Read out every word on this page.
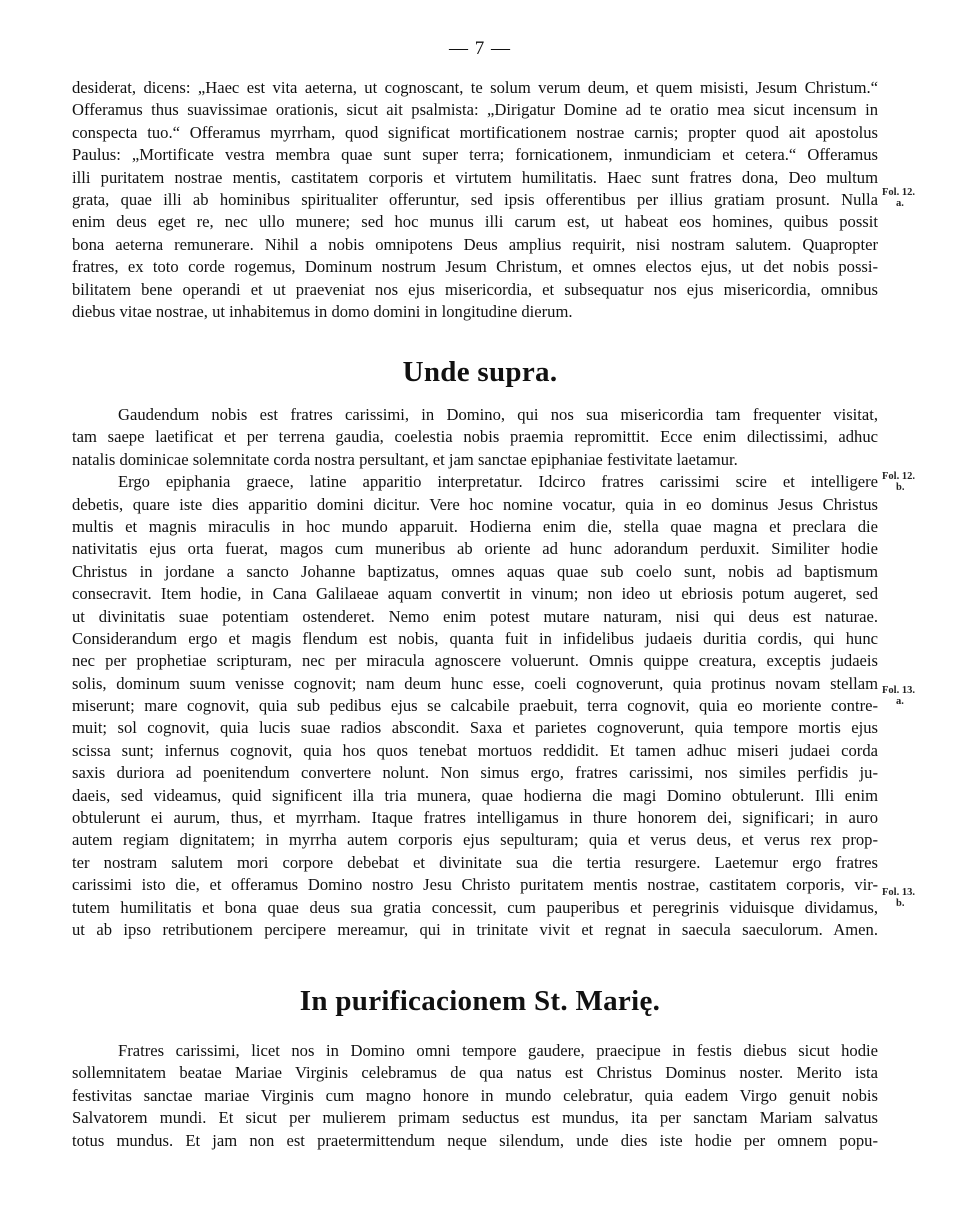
— 7 —
desiderat, dicens: „Haec est vita aeterna, ut cognoscant, te solum verum deum, et quem misisti, Jesum Christum.“
Offeramus thus suavissimae orationis, sicut ait psalmista: „Dirigatur Domine ad te oratio mea sicut incensum in
conspecta tuo.“ Offeramus myrrham, quod significat mortificationem nostrae carnis; propter quod ait apostolus
Paulus: „Mortificate vestra membra quae sunt super terra; fornicationem, inmundiciam et cetera.“ Offeramus
illi puritatem nostrae mentis, castitatem corporis et virtutem humilitatis. Haec sunt fratres dona, Deo multum
grata, quae illi ab hominibus spiritualiter offeruntur, sed ipsis offerentibus per illius gratiam prosunt. Nulla
enim deus eget re, nec ullo munere; sed hoc munus illi carum est, ut habeat eos homines, quibus possit
bona aeterna remunerare. Nihil a nobis omnipotens Deus amplius requirit, nisi nostram salutem. Quapropter
fratres, ex toto corde rogemus, Dominum nostrum Jesum Christum, et omnes electos ejus, ut det nobis possi-
bilitatem bene operandi et ut praeveniat nos ejus misericordia, et subsequatur nos ejus misericordia, omnibus
diebus vitae nostrae, ut inhabitemus in domo domini in longitudine dierum.
Unde supra.
Gaudendum nobis est fratres carissimi, in Domino, qui nos sua misericordia tam frequenter visitat,
tam saepe laetificat et per terrena gaudia, coelestia nobis praemia repromittit. Ecce enim dilectissimi, adhuc
natalis dominicae solemnitate corda nostra persultant, et jam sanctae epiphaniae festivitate laetamur.
Ergo epiphania graece, latine apparitio interpretatur. Idcirco fratres carissimi scire et intelligere
debetis, quare iste dies apparitio domini dicitur. Vere hoc nomine vocatur, quia in eo dominus Jesus Christus
multis et magnis miraculis in hoc mundo apparuit. Hodierna enim die, stella quae magna et preclara die
nativitatis ejus orta fuerat, magos cum muneribus ab oriente ad hunc adorandum perduxit. Similiter hodie
Christus in jordane a sancto Johanne baptizatus, omnes aquas quae sub coelo sunt, nobis ad baptismum
consecravit. Item hodie, in Cana Galilaeae aquam convertit in vinum; non ideo ut ebriosis potum augeret, sed
ut divinitatis suae potentiam ostenderet. Nemo enim potest mutare naturam, nisi qui deus est naturae.
Considerandum ergo et magis flendum est nobis, quanta fuit in infidelibus judaeis duritia cordis, qui hunc
nec per prophetiae scripturam, nec per miracula agnoscere voluerunt. Omnis quippe creatura, exceptis judaeis
solis, dominum suum venisse cognovit; nam deum hunc esse, coeli cognoverunt, quia protinus novam stellam
miserunt; mare cognovit, quia sub pedibus ejus se calcabile praebuit, terra cognovit, quia eo moriente contre-
muit; sol cognovit, quia lucis suae radios abscondit. Saxa et parietes cognoverunt, quia tempore mortis ejus
scissa sunt; infernus cognovit, quia hos quos tenebat mortuos reddidit. Et tamen adhuc miseri judaei corda
saxis duriora ad poenitendum convertere nolunt. Non simus ergo, fratres carissimi, nos similes perfidis ju-
daeis, sed videamus, quid significent illa tria munera, quae hodierna die magi Domino obtulerunt. Illi enim
obtulerunt ei aurum, thus, et myrrham. Itaque fratres intelligamus in thure honorem dei, significari; in auro
autem regiam dignitatem; in myrrha autem corporis ejus sepulturam; quia et verus deus, et verus rex prop-
ter nostram salutem mori corpore debebat et divinitate sua die tertia resurgere. Laetemur ergo fratres
carissimi isto die, et offeramus Domino nostro Jesu Christo puritatem mentis nostrae, castitatem corporis, vir-
tutem humilitatis et bona quae deus sua gratia concessit, cum pauperibus et peregrinis viduisque dividamus,
ut ab ipso retributionem percipere mereamur, qui in trinitate vivit et regnat in saecula saeculorum. Amen.
In purificacionem St. Marię.
Fratres carissimi, licet nos in Domino omni tempore gaudere, praecipue in festis diebus sicut hodie
sollemnitatem beatae Mariae Virginis celebramus de qua natus est Christus Dominus noster. Merito ista
festivitas sanctae mariae Virginis cum magno honore in mundo celebratur, quia eadem Virgo genuit nobis
Salvatorem mundi. Et sicut per mulierem primam seductus est mundus, ita per sanctam Mariam salvatus
totus mundus. Et jam non est praetermittendum neque silendum, unde dies iste hodie per omnem popu-
Fol. 12.
a.
Fol. 12.
b.
Fol. 13.
a.
Fol. 13.
b.
